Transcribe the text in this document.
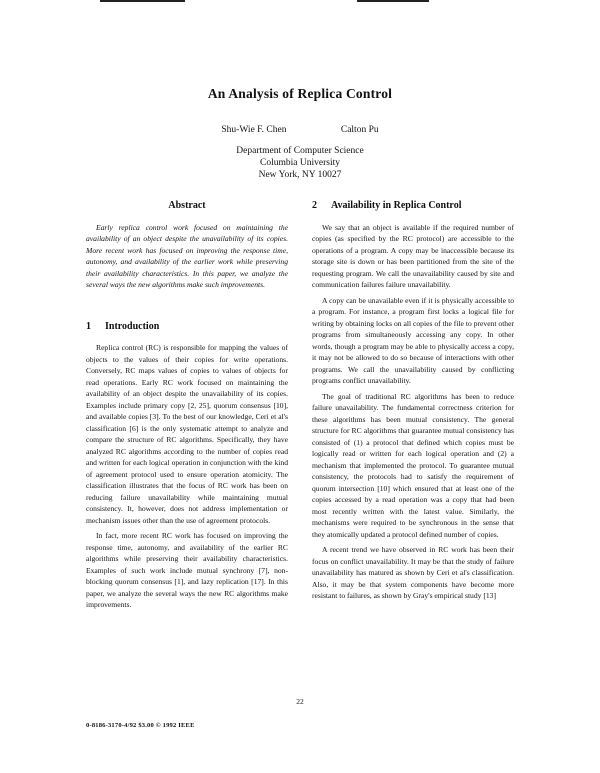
An Analysis of Replica Control
Shu-Wie F. Chen	Calton Pu
Department of Computer Science
Columbia University
New York, NY 10027
Abstract

Early replica control work focused on maintaining the availability of an object despite the unavailability of its copies. More recent work has focused on improving the response time, autonomy, and availability of the earlier work while preserving their availability characteristics. In this paper, we analyze the several ways the new algorithms make such improvements.

1 Introduction

Replica control (RC) is responsible for mapping the values of objects to the values of their copies for write operations. Conversely, RC maps values of copies to values of objects for read operations. Early RC work focused on maintaining the availability of an object despite the unavailability of its copies. Examples include primary copy [2, 25], quorum consensus [10], and available copies [3]. To the best of our knowledge, Ceri et al's classification [6] is the only systematic attempt to analyze and compare the structure of RC algorithms. Specifically, they have analyzed RC algorithms according to the number of copies read and written for each logical operation in conjunction with the kind of agreement protocol used to ensure operation atomicity. The classification illustrates that the focus of RC work has been on reducing failure unavailability while maintaining mutual consistency. It, however, does not address implementation or mechanism issues other than the use of agreement protocols.

In fact, more recent RC work has focused on improving the response time, autonomy, and availability of the earlier RC algorithms while preserving their availability characteristics. Examples of such work include mutual synchrony [7], non-blocking quorum consensus [1], and lazy replication [17]. In this paper, we analyze the several ways the new RC algorithms make improvements.

2 Availability in Replica Control

We say that an object is available if the required number of copies (as specified by the RC protocol) are accessible to the operations of a program. A copy may be inaccessible because its storage site is down or has been partitioned from the site of the requesting program. We call the unavailability caused by site and communication failures failure unavailability.

A copy can be unavailable even if it is physically accessible to a program. For instance, a program first locks a logical file for writing by obtaining locks on all copies of the file to prevent other programs from simultaneously accessing any copy. In other words, though a program may be able to physically access a copy, it may not be allowed to do so because of interactions with other programs. We call the unavailability caused by conflicting programs conflict unavailability.

The goal of traditional RC algorithms has been to reduce failure unavailability. The fundamental correctness criterion for these algorithms has been mutual consistency. The general structure for RC algorithms that guarantee mutual consistency has consisted of (1) a protocol that defined which copies must be logically read or written for each logical operation and (2) a mechanism that implemented the protocol. To guarantee mutual consistency, the protocols had to satisfy the requirement of quorum intersection [10] which ensured that at least one of the copies accessed by a read operation was a copy that had been most recently written with the latest value. Similarly, the mechanisms were required to be synchronous in the sense that they atomically updated a protocol defined number of copies.

A recent trend we have observed in RC work has been their focus on conflict unavailability. It may be that the study of failure unavailability has matured as shown by Ceri et al's classification. Also, it may be that system components have become more resistant to failures, as shown by Gray's empirical study [13]

22
0-8186-3170-4/92 $3.00 © 1992 IEEE
